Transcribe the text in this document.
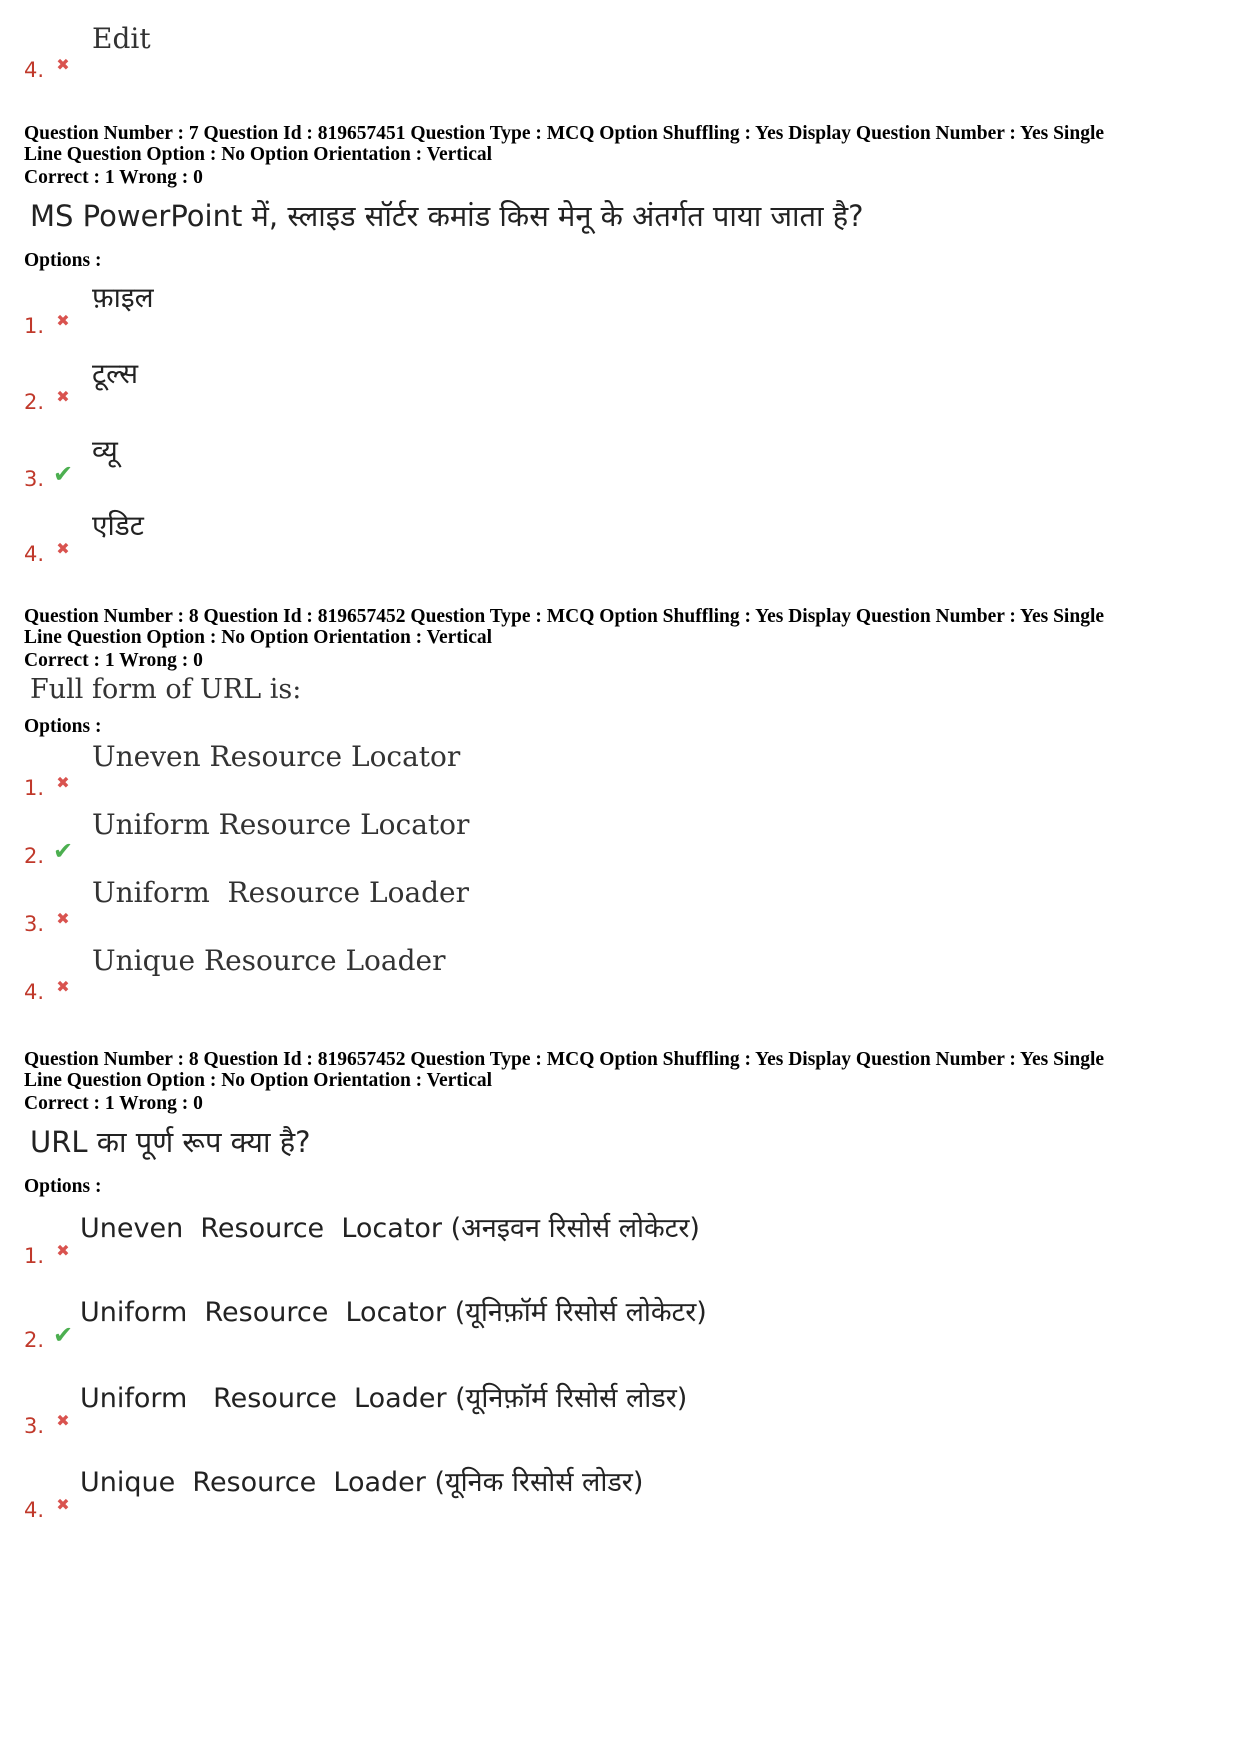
4. ✖
Edit
Question Number : 7 Question Id : 819657451 Question Type : MCQ Option Shuffling : Yes Display Question Number : Yes Single
Line Question Option : No Option Orientation : Vertical
Correct : 1 Wrong : 0
MS PowerPoint में, स्लाइड सॉर्टर कमांड किस मेनू के अंतर्गत पाया जाता है?
Options :
1. ✖
फ़ाइल
2. ✖
टूल्स
3. ✔
व्यू
4. ✖
एडिट
Question Number : 8 Question Id : 819657452 Question Type : MCQ Option Shuffling : Yes Display Question Number : Yes Single
Line Question Option : No Option Orientation : Vertical
Correct : 1 Wrong : 0
Full form of URL is:
Options :
1. ✖
Uneven Resource Locator
2. ✔
Uniform Resource Locator
3. ✖
Uniform  Resource Loader
4. ✖
Unique Resource Loader
Question Number : 8 Question Id : 819657452 Question Type : MCQ Option Shuffling : Yes Display Question Number : Yes Single
Line Question Option : No Option Orientation : Vertical
Correct : 1 Wrong : 0
URL का पूर्ण रूप क्या है?
Options :
1. ✖
Uneven  Resource  Locator (अनइवन रिसोर्स लोकेटर)
2. ✔
Uniform  Resource  Locator (यूनिफ़ॉर्म रिसोर्स लोकेटर)
3. ✖
Uniform   Resource  Loader (यूनिफ़ॉर्म रिसोर्स लोडर)
4. ✖
Unique  Resource  Loader (यूनिक रिसोर्स लोडर)
